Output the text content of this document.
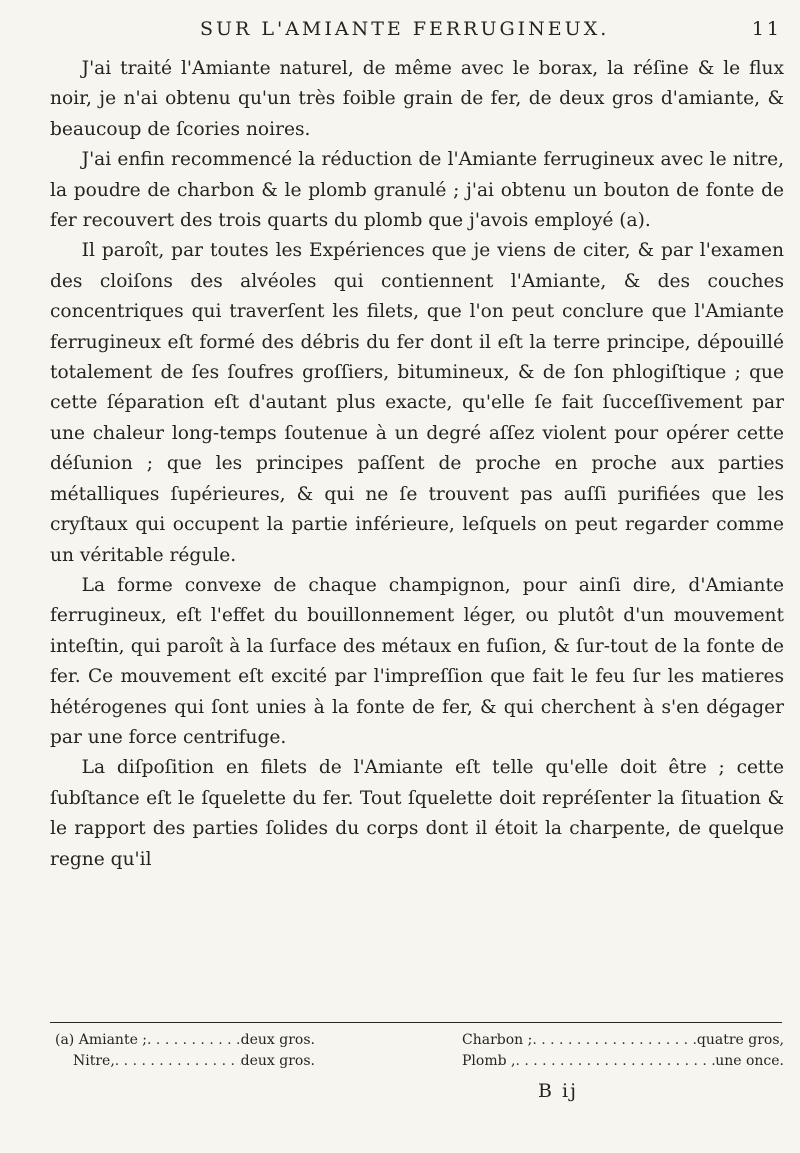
SUR L'AMIANTE FERRUGINEUX.	11

J'ai traité l'Amiante naturel, de même avec le borax, la réſine & le flux noir, je n'ai obtenu qu'un très foible grain de fer, de deux gros d'amiante, & beaucoup de ſcories noires.

J'ai enfin recommencé la réduction de l'Amiante ferrugineux avec le nitre, la poudre de charbon & le plomb granulé ; j'ai obtenu un bouton de fonte de fer recouvert des trois quarts du plomb que j'avois employé (a).

Il paroît, par toutes les Expériences que je viens de citer, & par l'examen des cloiſons des alvéoles qui contiennent l'Amiante, & des couches concentriques qui traverſent les filets, que l'on peut conclure que l'Amiante ferrugineux eſt formé des débris du fer dont il eſt la terre principe, dépouillé totalement de ſes ſoufres groſſiers, bitumineux, & de ſon phlogiſtique ; que cette ſéparation eſt d'autant plus exacte, qu'elle ſe fait ſucceſſivement par une chaleur long-temps ſoutenue à un degré aſſez violent pour opérer cette déſunion ; que les principes paſſent de proche en proche aux parties métalliques ſupérieures, & qui ne ſe trouvent pas auſſi purifiées que les cryſtaux qui occupent la partie inférieure, leſquels on peut regarder comme un véritable régule.

La forme convexe de chaque champignon, pour ainſi dire, d'Amiante ferrugineux, eſt l'effet du bouillonnement léger, ou plutôt d'un mouvement inteſtin, qui paroît à la ſurface des métaux en fuſion, & ſur-tout de la fonte de fer. Ce mouvement eſt excité par l'impreſſion que fait le feu ſur les matieres hétérogenes qui ſont unies à la fonte de fer, & qui cherchent à s'en dégager par une force centrifuge.

La diſpoſition en filets de l'Amiante eſt telle qu'elle doit être ; cette ſubſtance eſt le ſquelette du fer. Tout ſquelette doit repréſenter la ſituation & le rapport des parties ſolides du corps dont il étoit la charpente, de quelque regne qu'il

(a) Amiante ; . . .	deux gros.
Nitre, . . .	deux gros.
Charbon ; . . .	quatre gros,
Plomb , . . .	une once.
B ij
